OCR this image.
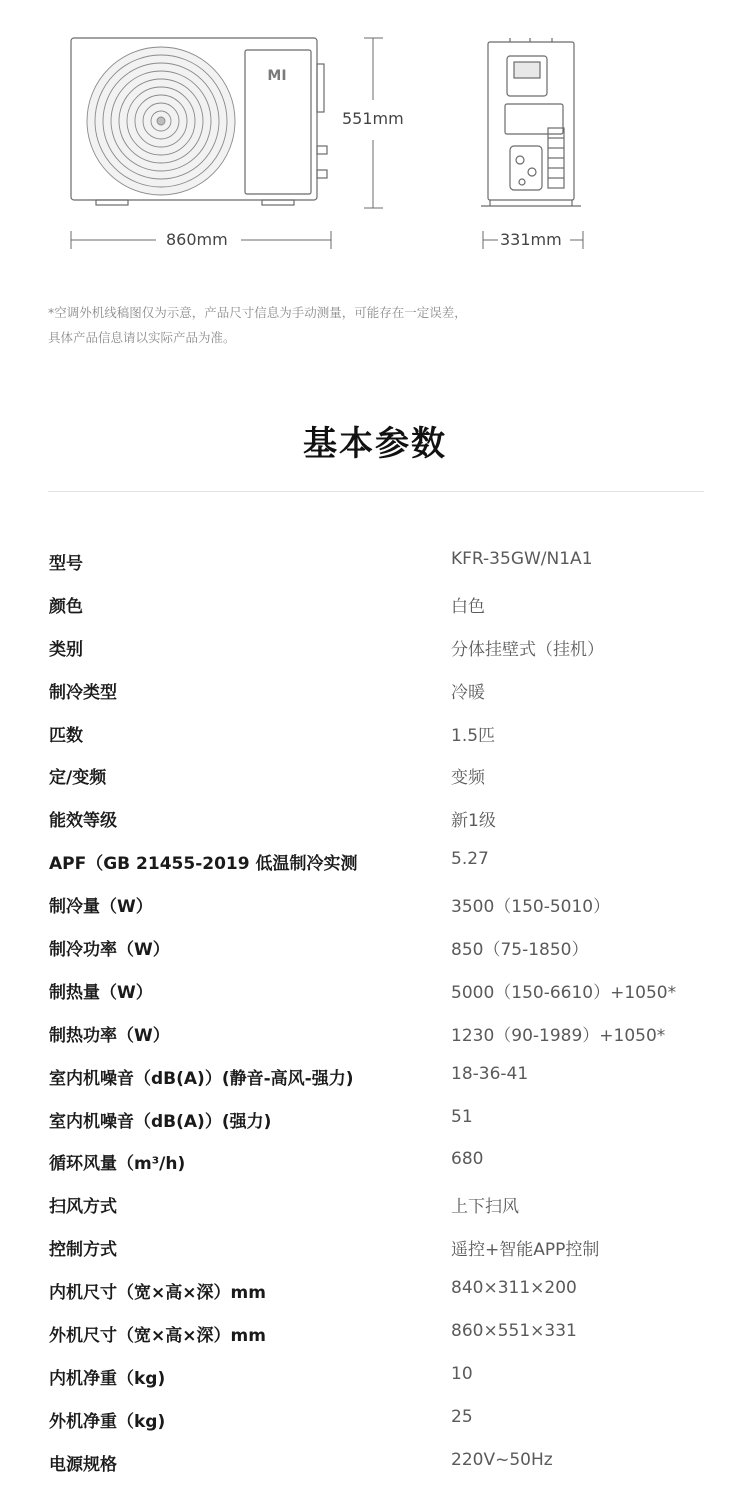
MI
551mm
860mm	331mm

*空调外机线稿图仅为示意，产品尺寸信息为手动测量，可能存在一定误差，

具体产品信息请以实际产品为准。

基本参数
型号	KFR-35GW/N1A1
颜色	白色
类别	分体挂壁式（挂机）
制冷类型	冷暖
匹数	1.5匹
定/变频	变频
能效等级	新1级
APF（GB 21455-2019 低温制冷实测	5.27
制冷量（W）	3500（150-5010）
制冷功率（W）	850（75-1850）
制热量（W）	5000（150-6610）+1050*
制热功率（W）	1230（90-1989）+1050*
室内机噪音（dB(A)）(静音-高风-强力)	18-36-41
室内机噪音（dB(A)）(强力)	51
循环风量（m³/h)	680
扫风方式	上下扫风
控制方式	遥控+智能APP控制
内机尺寸（宽×高×深）mm	840×311×200
外机尺寸（宽×高×深）mm	860×551×331
内机净重（kg)	10
外机净重（kg)	25
电源规格	220V~50Hz
